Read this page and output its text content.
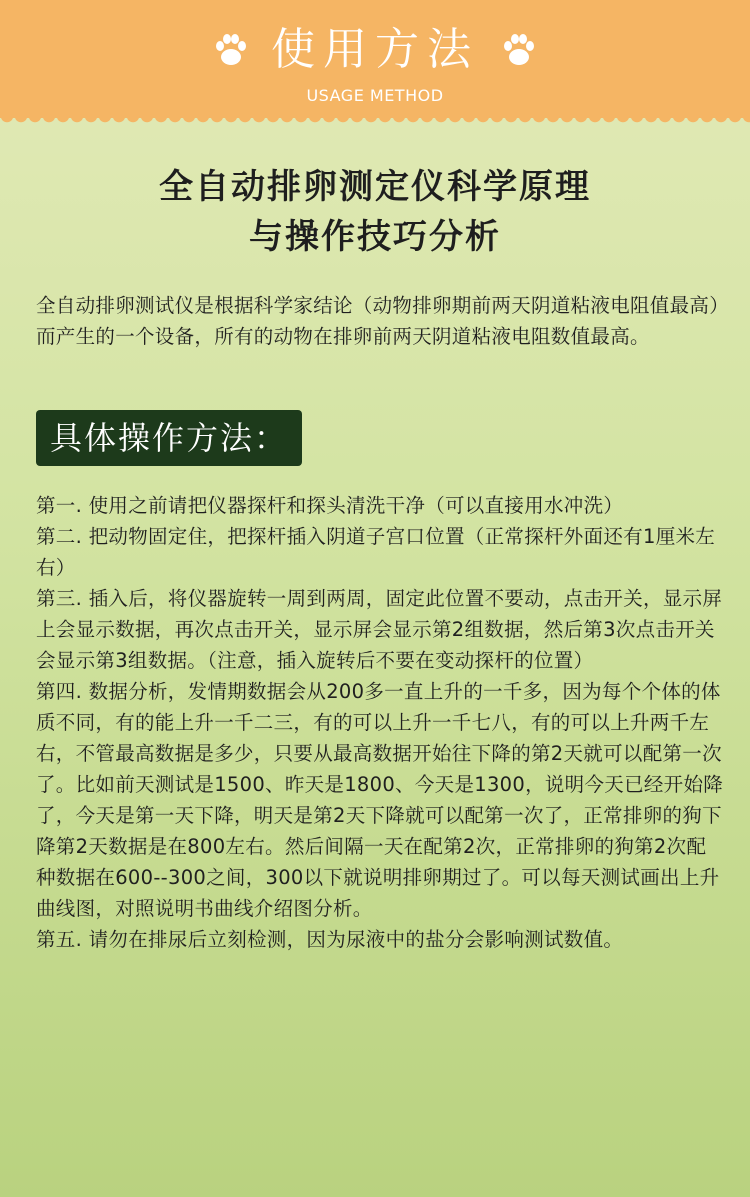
使用方法
USAGE METHOD
全自动排卵测定仪科学原理
与操作技巧分析
全自动排卵测试仪是根据科学家结论（动物排卵期前两天阴道粘液电阻值最高）而产生的一个设备，所有的动物在排卵前两天阴道粘液电阻数值最高。
具体操作方法：

第一. 使用之前请把仪器探杆和探头清洗干净（可以直接用水冲洗）

第二. 把动物固定住，把探杆插入阴道子宫口位置（正常探杆外面还有1厘米左右）

第三. 插入后，将仪器旋转一周到两周，固定此位置不要动，点击开关，显示屏上会显示数据，再次点击开关，显示屏会显示第2组数据，然后第3次点击开关会显示第3组数据。（注意，插入旋转后不要在变动探杆的位置）

第四. 数据分析，发情期数据会从200多一直上升的一千多，因为每个个体的体质不同，有的能上升一千二三，有的可以上升一千七八，有的可以上升两千左右，不管最高数据是多少，只要从最高数据开始往下降的第2天就可以配第一次了。比如前天测试是1500、昨天是1800、今天是1300，说明今天已经开始降了，今天是第一天下降，明天是第2天下降就可以配第一次了，正常排卵的狗下降第2天数据是在800左右。然后间隔一天在配第2次，正常排卵的狗第2次配种数据在600--300之间，300以下就说明排卵期过了。可以每天测试画出上升曲线图，对照说明书曲线介绍图分析。

第五. 请勿在排尿后立刻检测，因为尿液中的盐分会影响测试数值。
